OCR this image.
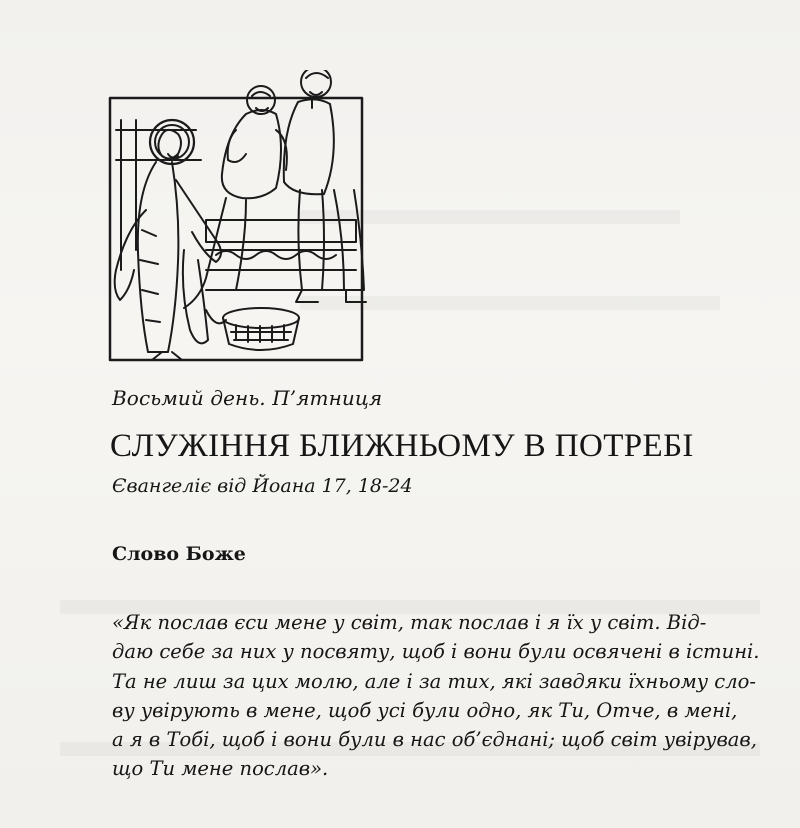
Восьмий день. П’ятниця
СЛУЖІННЯ БЛИЖНЬОМУ В ПОТРЕБІ
Євангеліє від Йоана 17, 18-24
Слово Боже
«Як послав єси мене у світ, так послав і я їх у світ. Від-
даю себе за них у посвяту, щоб і вони були освячені в істині.
Та не лиш за цих молю, але і за тих, які завдяки їхньому сло-
ву увірують в мене, щоб усі були одно, як Ти, Отче, в мені,
а я в Тобі, щоб і вони були в нас об’єднані; щоб світ увірував,
що Ти мене послав».
